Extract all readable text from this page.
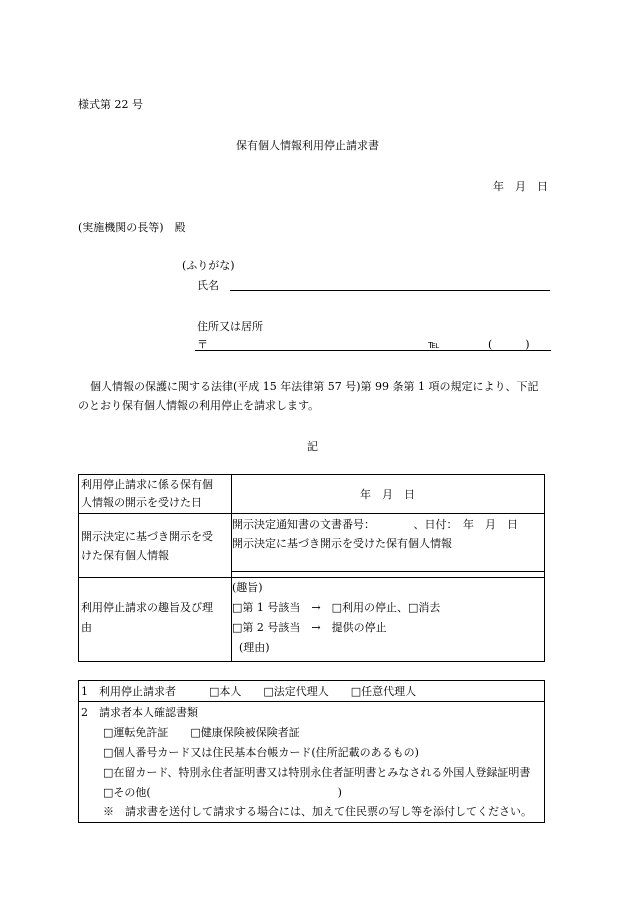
様式第 22 号
保有個人情報利用停止請求書
年　月　日
(実施機関の長等)　殿
(ふりがな)
氏名
住所又は居所
〒	℡	(　　　)
個人情報の保護に関する法律(平成 15 年法律第 57 号)第 99 条第 1 項の規定により、下記
のとおり保有個人情報の利用停止を請求します。
記
利用停止請求に係る保有個
人情報の開示を受けた日
年　月　日
開示決定に基づき開示を受
けた保有個人情報
開示決定通知書の文書番号：　　　　、日付：　年　月　日
開示決定に基づき開示を受けた保有個人情報
利用停止請求の趣旨及び理
由
(趣旨)
□第 1 号該当　→　□利用の停止、□消去
□第 2 号該当　→　提供の停止
(理由)
1　利用停止請求者　　　□本人　　□法定代理人　　□任意代理人
2　請求者本人確認書類
□運転免許証　　□健康保険被保険者証
□個人番号カード又は住民基本台帳カード(住所記載のあるもの)
□在留カード、特別永住者証明書又は特別永住者証明書とみなされる外国人登録証明書
□その他(　　　　　　　　　　　　　　　　　)
※　請求書を送付して請求する場合には、加えて住民票の写し等を添付してください。
